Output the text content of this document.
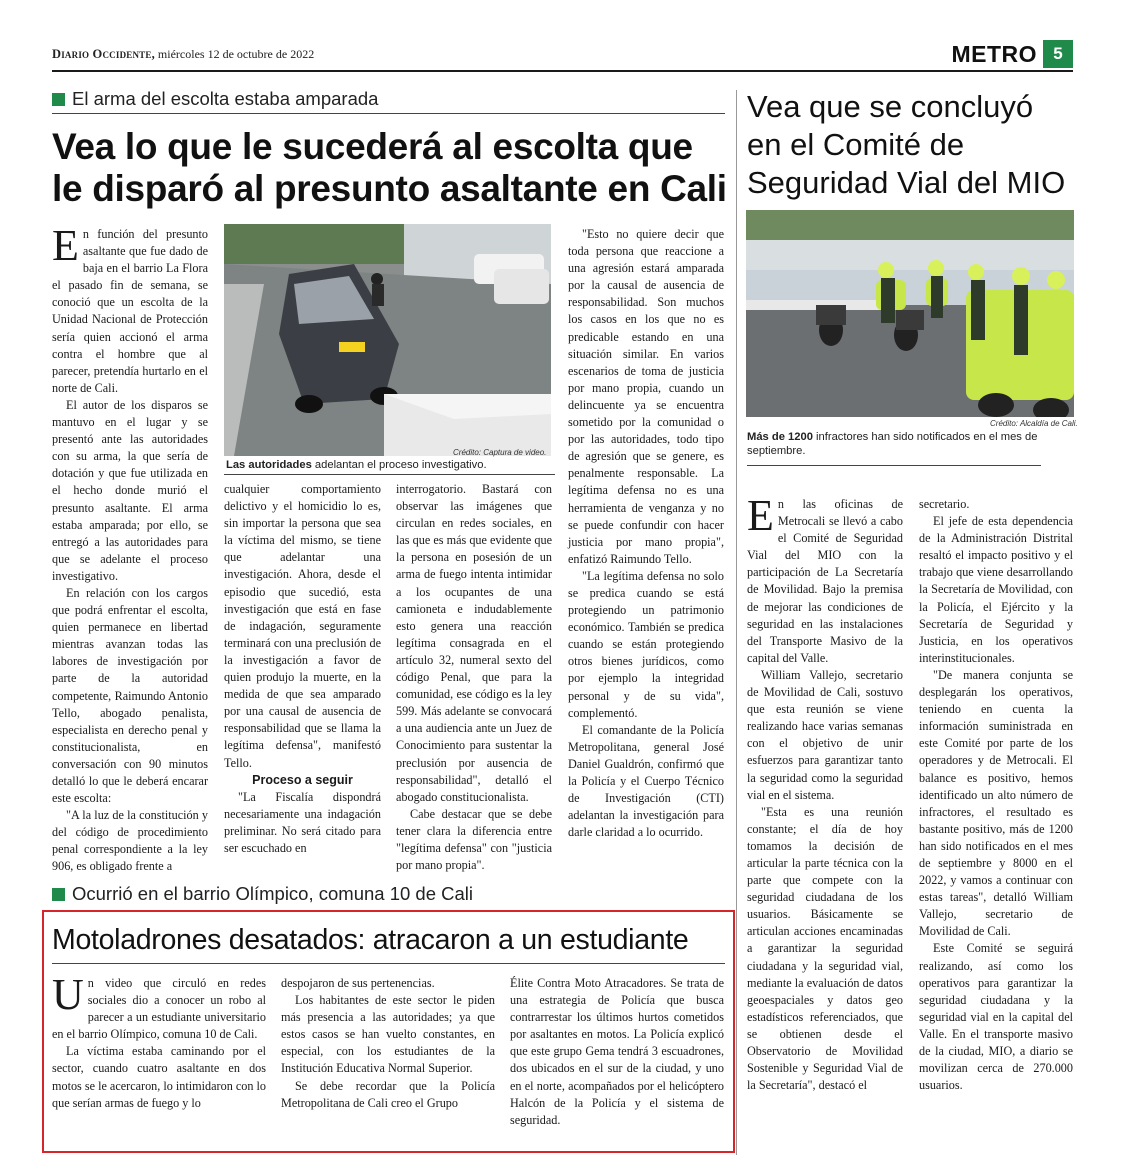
Diario Occidente, miércoles 12 de octubre de 2022	METRO 5
El arma del escolta estaba amparada
Vea lo que le sucederá al escolta que
le disparó al presunto asaltante en Cali

En función del presunto asaltante que fue dado de baja en el barrio La Flora el pasado fin de semana, se conoció que un escolta de la Unidad Nacional de Protección sería quien accionó el arma contra el hombre que al parecer, pretendía hurtarlo en el norte de Cali.

El autor de los disparos se mantuvo en el lugar y se presentó ante las autoridades con su arma, la que sería de dotación y que fue utilizada en el hecho donde murió el presunto asaltante. El arma estaba amparada; por ello, se entregó a las autoridades para que se adelante el proceso investigativo.

En relación con los cargos que podrá enfrentar el escolta, quien permanece en libertad mientras avanzan todas las labores de investigación por parte de la autoridad competente, Raimundo Antonio Tello, abogado penalista, especialista en derecho penal y constitucionalista, en conversación con 90 minutos detalló lo que le deberá encarar este escolta:

"A la luz de la constitución y del código de procedimiento penal correspondiente a la ley 906, es obligado frente a

Crédito: Captura de video.
Las autoridades adelantan el proceso investigativo.

cualquier comportamiento delictivo y el homicidio lo es, sin importar la persona que sea la víctima del mismo, se tiene que adelantar una investigación. Ahora, desde el episodio que sucedió, esta investigación que está en fase de indagación, seguramente terminará con una preclusión de la investigación a favor de quien produjo la muerte, en la medida de que sea amparado por una causal de ausencia de responsabilidad que se llama la legítima defensa", manifestó Tello.

Proceso a seguir

"La Fiscalía dispondrá necesariamente una indagación preliminar. No será citado para ser escuchado en

interrogatorio. Bastará con observar las imágenes que circulan en redes sociales, en las que es más que evidente que la persona en posesión de un arma de fuego intenta intimidar a los ocupantes de una camioneta e indudablemente esto genera una reacción legítima consagrada en el artículo 32, numeral sexto del código Penal, que para la comunidad, ese código es la ley 599. Más adelante se convocará a una audiencia ante un Juez de Conocimiento para sustentar la preclusión por ausencia de responsabilidad", detalló el abogado constitucionalista.

Cabe destacar que se debe tener clara la diferencia entre "legítima defensa" con "justicia por mano propia".

"Esto no quiere decir que toda persona que reaccione a una agresión estará amparada por la causal de ausencia de responsabilidad. Son muchos los casos en los que no es predicable estando en una situación similar. En varios escenarios de toma de justicia por mano propia, cuando un delincuente ya se encuentra sometido por la comunidad o por las autoridades, todo tipo de agresión que se genere, es penalmente responsable. La legítima defensa no es una herramienta de venganza y no se puede confundir con hacer justicia por mano propia", enfatizó Raimundo Tello.

"La legítima defensa no solo se predica cuando se está protegiendo un patrimonio económico. También se predica cuando se están protegiendo otros bienes jurídicos, como por ejemplo la integridad personal y de su vida", complementó.

El comandante de la Policía Metropolitana, general José Daniel Gualdrón, confirmó que la Policía y el Cuerpo Técnico de Investigación (CTI) adelantan la investigación para darle claridad a lo ocurrido.

Vea que se concluyó
en el Comité de
Seguridad Vial del MIO
Crédito: Alcaldía de Cali.
Más de 1200 infractores han sido notificados en el mes de septiembre.

En las oficinas de Metrocali se llevó a cabo el Comité de Seguridad Vial del MIO con la participación de La Secretaría de Movilidad. Bajo la premisa de mejorar las condiciones de seguridad en las instalaciones del Transporte Masivo de la capital del Valle.

William Vallejo, secretario de Movilidad de Cali, sostuvo que esta reunión se viene realizando hace varias semanas con el objetivo de unir esfuerzos para garantizar tanto la seguridad como la seguridad vial en el sistema.

"Esta es una reunión constante; el día de hoy tomamos la decisión de articular la parte técnica con la parte que compete con la seguridad ciudadana de los usuarios. Básicamente se articulan acciones encaminadas a garantizar la seguridad ciudadana y la seguridad vial, mediante la evaluación de datos geoespaciales y datos geo estadísticos referenciados, que se obtienen desde el Observatorio de Movilidad Sostenible y Seguridad Vial de la Secretaría", destacó el

secretario.

El jefe de esta dependencia de la Administración Distrital resaltó el impacto positivo y el trabajo que viene desarrollando la Secretaría de Movilidad, con la Policía, el Ejército y la Secretaría de Seguridad y Justicia, en los operativos interinstitucionales.

"De manera conjunta se desplegarán los operativos, teniendo en cuenta la información suministrada en este Comité por parte de los operadores y de Metrocali. El balance es positivo, hemos identificado un alto número de infractores, el resultado es bastante positivo, más de 1200 han sido notificados en el mes de septiembre y 8000 en el 2022, y vamos a continuar con estas tareas", detalló William Vallejo, secretario de Movilidad de Cali.

Este Comité se seguirá realizando, así como los operativos para garantizar la seguridad ciudadana y la seguridad vial en la capital del Valle. En el transporte masivo de la ciudad, MIO, a diario se movilizan cerca de 270.000 usuarios.

Ocurrió en el barrio Olímpico, comuna 10 de Cali
Motoladrones desatados: atracaron a un estudiante

Un video que circuló en redes sociales dio a conocer un robo al parecer a un estudiante universitario en el barrio Olímpico, comuna 10 de Cali.

La víctima estaba caminando por el sector, cuando cuatro asaltante en dos motos se le acercaron, lo intimidaron con lo que serían armas de fuego y lo

despojaron de sus pertenencias.

Los habitantes de este sector le piden más presencia a las autoridades; ya que estos casos se han vuelto constantes, en especial, con los estudiantes de la Institución Educativa Normal Superior.

Se debe recordar que la Policía Metropolitana de Cali creo el Grupo

Élite Contra Moto Atracadores. Se trata de una estrategia de Policía que busca contrarrestar los últimos hurtos cometidos por asaltantes en motos. La Policía explicó que este grupo Gema tendrá 3 escuadrones, dos ubicados en el sur de la ciudad, y uno en el norte, acompañados por el helicóptero Halcón de la Policía y el sistema de seguridad.
